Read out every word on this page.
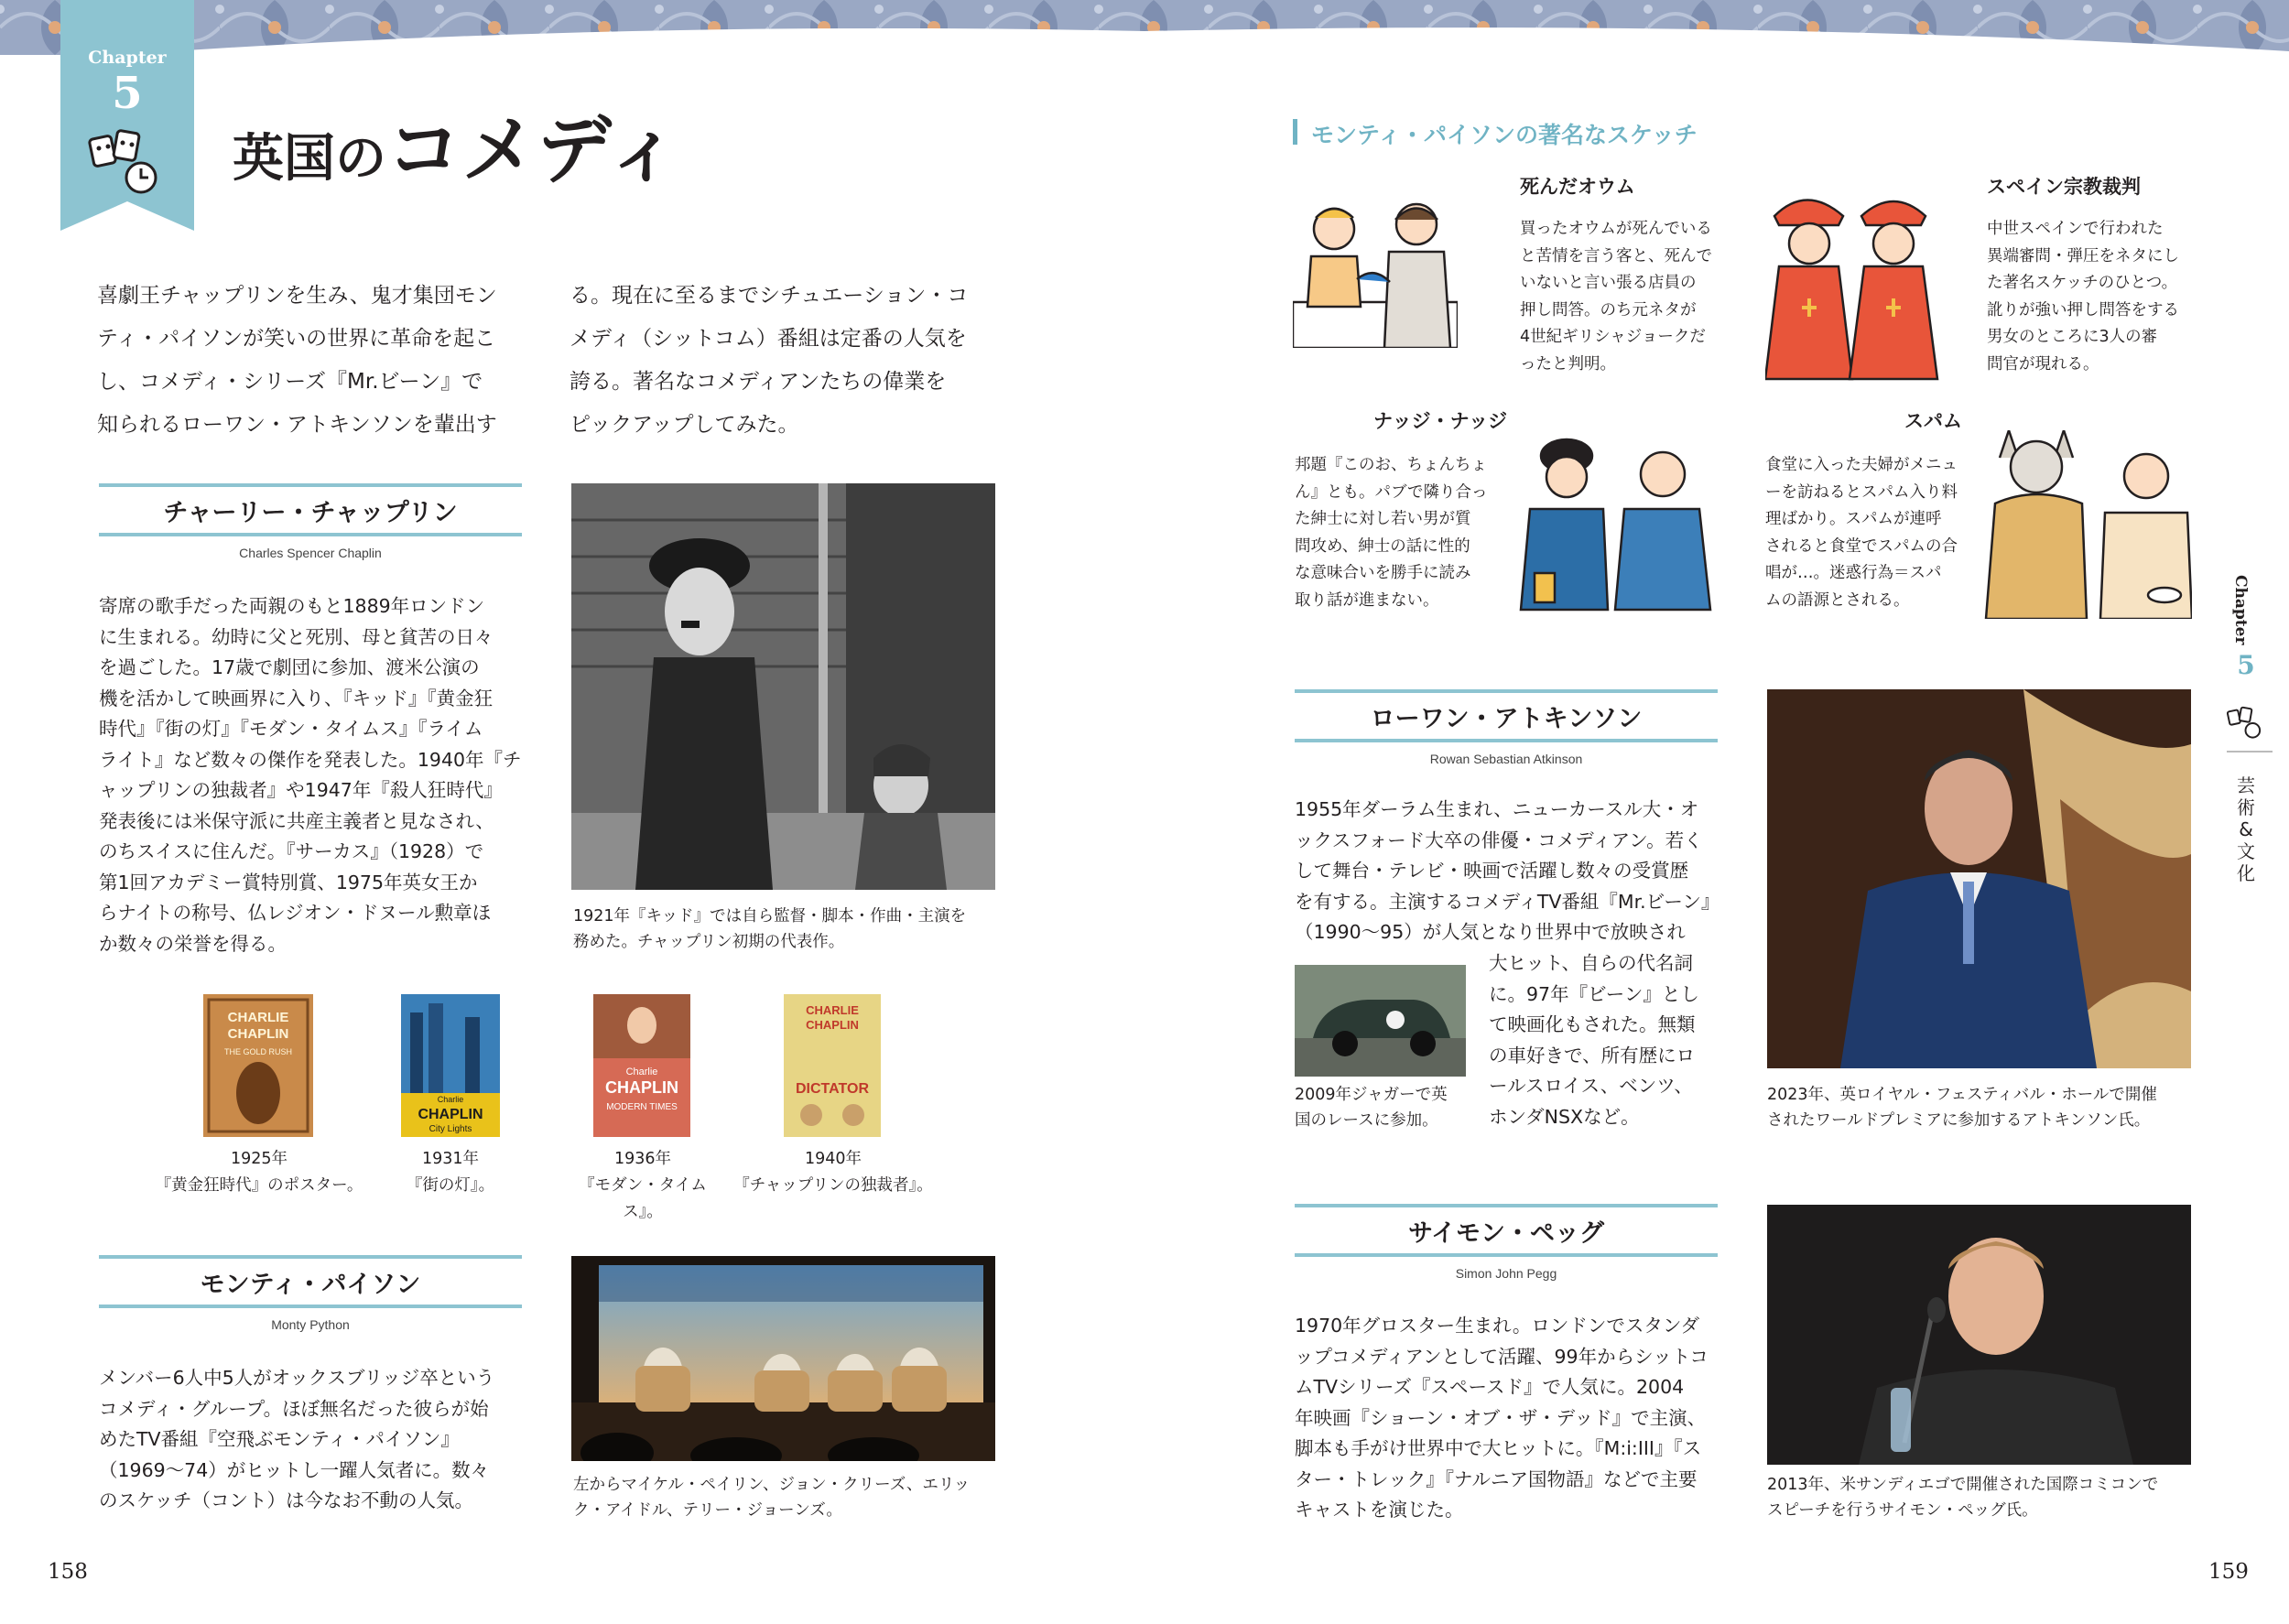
Chapter
5
英国のコメディ
喜劇王チャップリンを生み、鬼才集団モン
ティ・パイソンが笑いの世界に革命を起こ
し、コメディ・シリーズ『Mr.ビーン』で
知られるローワン・アトキンソンを輩出す
る。現在に至るまでシチュエーション・コ
メディ（シットコム）番組は定番の人気を
誇る。著名なコメディアンたちの偉業を
ピックアップしてみた。
チャーリー・チャップリン
Charles Spencer Chaplin
寄席の歌手だった両親のもと1889年ロンドン
に生まれる。幼時に父と死別、母と貧苦の日々
を過ごした。17歳で劇団に参加、渡米公演の
機を活かして映画界に入り、『キッド』『黄金狂
時代』『街の灯』『モダン・タイムス』『ライム
ライト』など数々の傑作を発表した。1940年『チ
ャップリンの独裁者』や1947年『殺人狂時代』
発表後には米保守派に共産主義者と見なされ、
のちスイスに住んだ。『サーカス』（1928）で
第1回アカデミー賞特別賞、1975年英女王か
らナイトの称号、仏レジオン・ドヌール勲章ほ
か数々の栄誉を得る。
1921年『キッド』では自ら監督・脚本・作曲・主演を
務めた。チャップリン初期の代表作。
CHARLIE
CHAPLIN
THE GOLD RUSH
Charlie
CHAPLIN
City Lights
Charlie
CHAPLIN
MODERN TIMES
CHARLIE
CHAPLIN
DICTATOR
1925年
『黄金狂時代』のポスター。
1931年
『街の灯』。
1936年
『モダン・タイムス』。
1940年
『チャップリンの独裁者』。
モンティ・パイソン
Monty Python
メンバー6人中5人がオックスブリッジ卒という
コメディ・グループ。ほぼ無名だった彼らが始
めたTV番組『空飛ぶモンティ・パイソン』
（1969～74）がヒットし一躍人気者に。数々
のスケッチ（コント）は今なお不動の人気。
左からマイケル・ペイリン、ジョン・クリーズ、エリッ
ク・アイドル、テリー・ジョーンズ。
モンティ・パイソンの著名なスケッチ
死んだオウム
買ったオウムが死んでいる
と苦情を言う客と、死んで
いないと言い張る店員の
押し問答。のち元ネタが
4世紀ギリシャジョークだ
ったと判明。
スペイン宗教裁判
中世スペインで行われた
異端審問・弾圧をネタにし
た著名スケッチのひとつ。
訛りが強い押し問答をする
男女のところに3人の審
問官が現れる。
ナッジ・ナッジ
邦題『このお、ちょんちょ
ん』とも。パブで隣り合っ
た紳士に対し若い男が質
問攻め、紳士の話に性的
な意味合いを勝手に読み
取り話が進まない。
スパム
食堂に入った夫婦がメニュ
ーを訪ねるとスパム入り料
理ばかり。スパムが連呼
されると食堂でスパムの合
唱が…。迷惑行為＝スパ
ムの語源とされる。
ローワン・アトキンソン
Rowan Sebastian Atkinson
1955年ダーラム生まれ、ニューカースル大・オ
ックスフォード大卒の俳優・コメディアン。若く
して舞台・テレビ・映画で活躍し数々の受賞歴
を有する。主演するコメディTV番組『Mr.ビーン』
（1990～95）が人気となり世界中で放映され
大ヒット、自らの代名詞
に。97年『ビーン』とし
て映画化もされた。無類
の車好きで、所有歴にロ
ールスロイス、ベンツ、
ホンダNSXなど。
2009年ジャガーで英
国のレースに参加。
2023年、英ロイヤル・フェスティバル・ホールで開催
されたワールドプレミアに参加するアトキンソン氏。
サイモン・ペッグ
Simon John Pegg
1970年グロスター生まれ。ロンドンでスタンダ
ップコメディアンとして活躍、99年からシットコ
ムTVシリーズ『スペースド』で人気に。2004
年映画『ショーン・オブ・ザ・デッド』で主演、
脚本も手がけ世界中で大ヒットに。『M:i:III』『ス
ター・トレック』『ナルニア国物語』などで主要
キャストを演じた。
2013年、米サンディエゴで開催された国際コミコンで
スピーチを行うサイモン・ペッグ氏。
Chapter
5
芸
術
&
文
化
158	159
